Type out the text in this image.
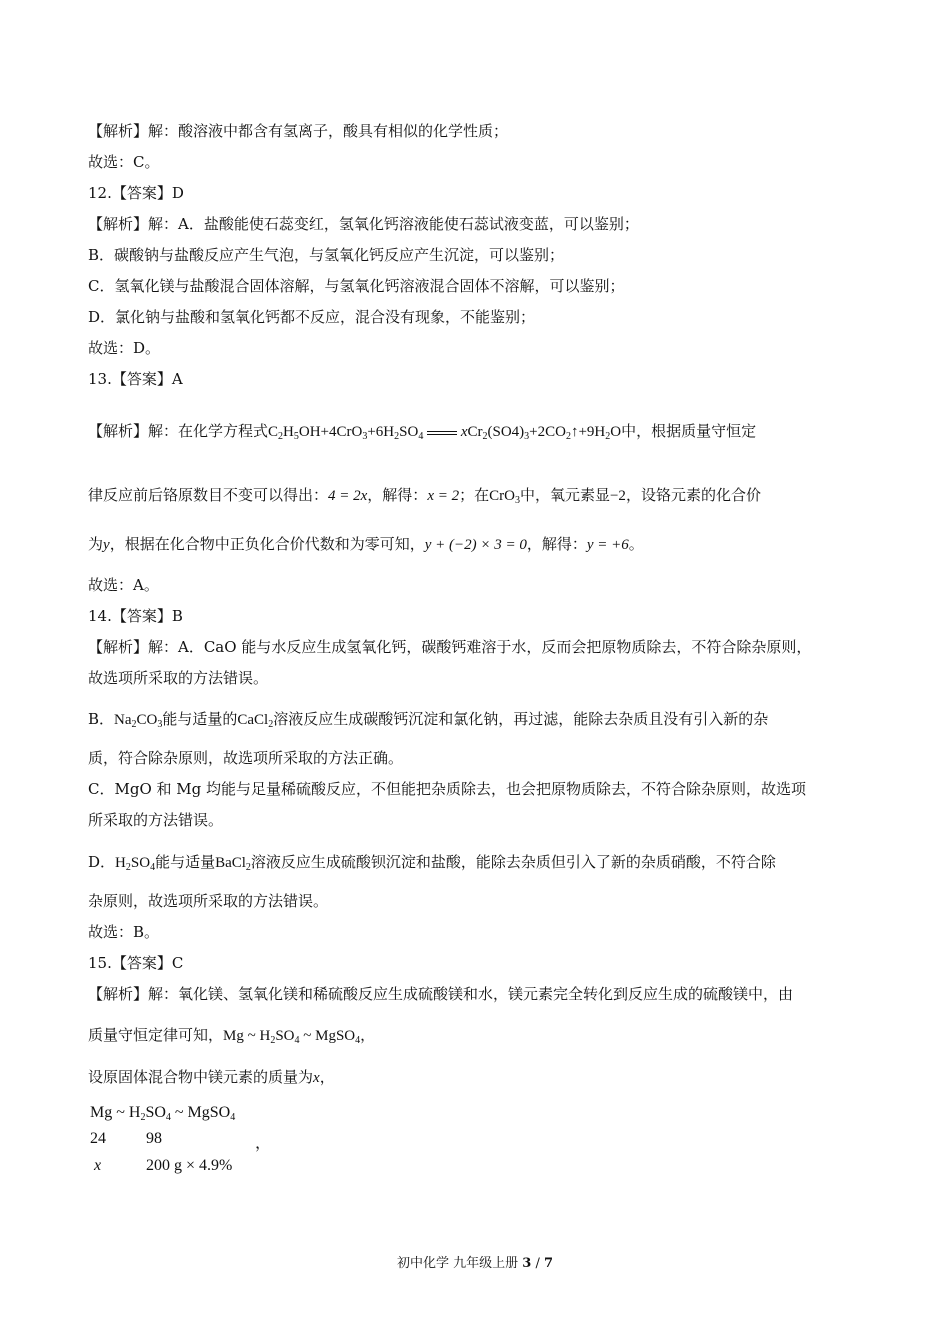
【解析】解：酸溶液中都含有氢离子，酸具有相似的化学性质；
故选：C。
12.【答案】D
【解析】解：A．盐酸能使石蕊变红，氢氧化钙溶液能使石蕊试液变蓝，可以鉴别；
B．碳酸钠与盐酸反应产生气泡，与氢氧化钙反应产生沉淀，可以鉴别；
C．氢氧化镁与盐酸混合固体溶解，与氢氧化钙溶液混合固体不溶解，可以鉴别；
D．氯化钠与盐酸和氢氧化钙都不反应，混合没有现象，不能鉴别；
故选：D。
13.【答案】A
【解析】解：在化学方程式$C_2H_5OH+4CrO_3+6H_2SO_4$	$xCr_2(SO4)_3+2CO_2↑+9H_2O$中，根据质量守恒定
律反应前后铬原数目不变可以得出：4 = 2x，解得：x = 2；在CrO$_3$中，氧元素显−2，设铬元素的化合价
为y，根据在化合物中正负化合价代数和为零可知，y + (−2) × 3 = 0，解得：y = +6。
故选：A。
14.【答案】B
【解析】解：A．CaO 能与水反应生成氢氧化钙，碳酸钙难溶于水，反而会把原物质除去，不符合除杂原则，
故选项所采取的方法错误。
B．$Na_2CO_3$能与适量的CaCl$_2$溶液反应生成碳酸钙沉淀和氯化钠，再过滤，能除去杂质且没有引入新的杂
质，符合除杂原则，故选项所采取的方法正确。
C．MgO 和 Mg 均能与足量稀硫酸反应，不但能把杂质除去，也会把原物质除去，不符合除杂原则，故选项
所采取的方法错误。
D．$H_2SO_4$能与适量BaCl$_2$溶液反应生成硫酸钡沉淀和盐酸，能除去杂质但引入了新的杂质硝酸，不符合除
杂原则，故选项所采取的方法错误。
故选：B。
15.【答案】C
【解析】解：氧化镁、氢氧化镁和稀硫酸反应生成硫酸镁和水，镁元素完全转化到反应生成的硫酸镁中，由
质量守恒定律可知，Mg ~ $H_2SO_4$ ~ MgSO$_4$，
设原固体混合物中镁元素的质量为x，
Mg ~ $H_2SO_4$ ~ MgSO$_4$
24	98	，
x	200 g × 4.9%
初中化学 九年级上册 3 / 7
